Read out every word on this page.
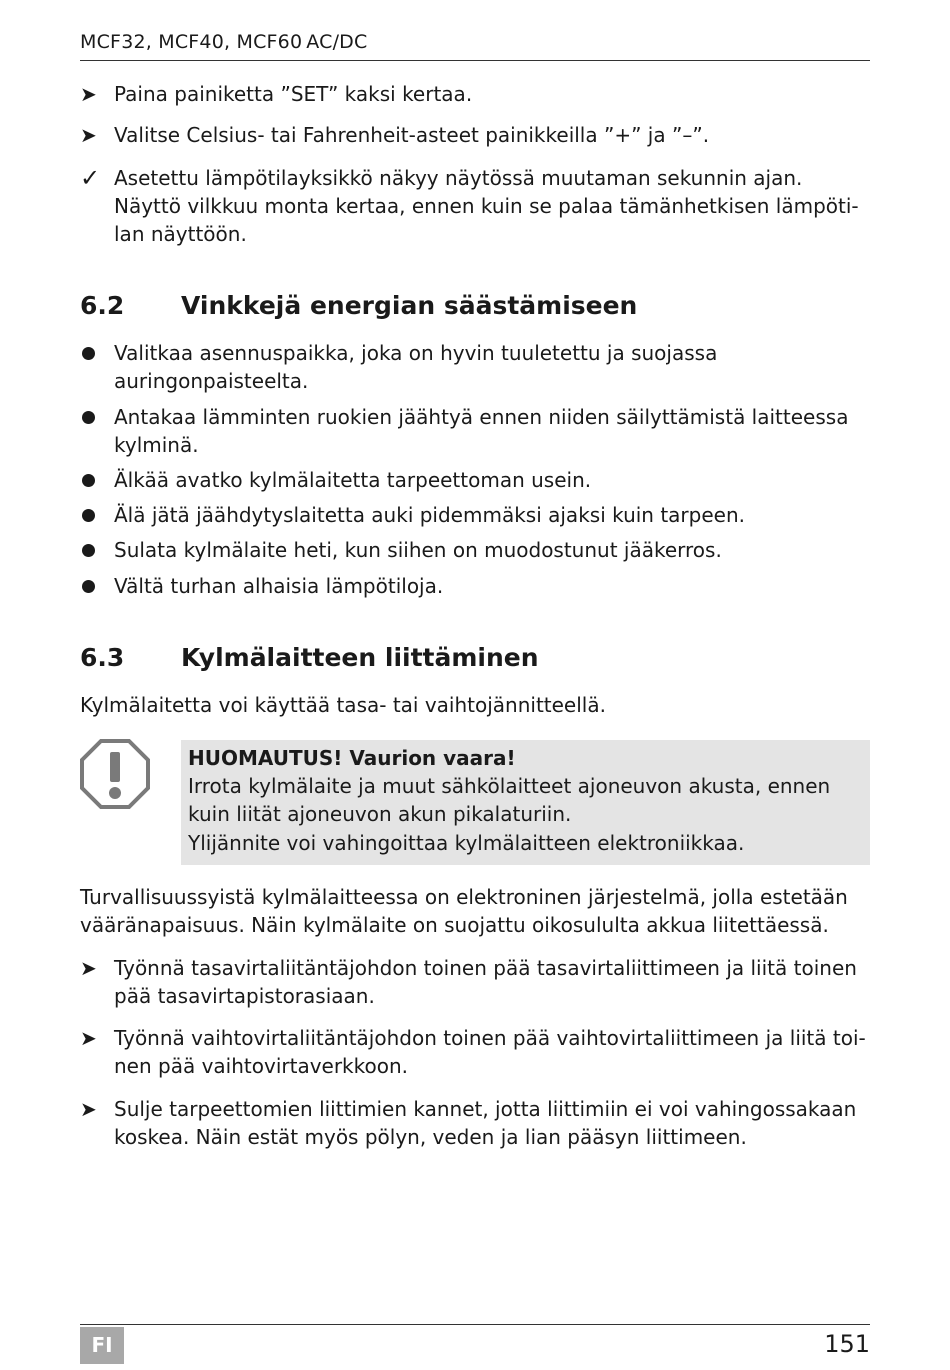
MCF32, MCF40, MCF60 AC/DC
➤ Paina painiketta ”SET” kaksi kertaa.
➤ Valitse Celsius- tai Fahrenheit-asteet painikkeilla ”+” ja ”–”.
✓ Asetettu lämpötilayksikkö näkyy näytössä muutaman sekunnin ajan.
Näyttö vilkkuu monta kertaa, ennen kuin se palaa tämänhetkisen lämpöti-
lan näyttöön.
6.2 Vinkkejä energian säästämiseen
Valitkaa asennuspaikka, joka on hyvin tuuletettu ja suojassa
auringonpaisteelta.
Antakaa lämminten ruokien jäähtyä ennen niiden säilyttämistä laitteessa
kylminä.
Älkää avatko kylmälaitetta tarpeettoman usein.
Älä jätä jäähdytyslaitetta auki pidemmäksi ajaksi kuin tarpeen.
Sulata kylmälaite heti, kun siihen on muodostunut jääkerros.
Vältä turhan alhaisia lämpötiloja.
6.3 Kylmälaitteen liittäminen
Kylmälaitetta voi käyttää tasa- tai vaihtojännitteellä.
HUOMAUTUS! Vaurion vaara!
Irrota kylmälaite ja muut sähkölaitteet ajoneuvon akusta, ennen
kuin liität ajoneuvon akun pikalaturiin.
Ylijännite voi vahingoittaa kylmälaitteen elektroniikkaa.
Turvallisuussyistä kylmälaitteessa on elektroninen järjestelmä, jolla estetään
vääränapaisuus. Näin kylmälaite on suojattu oikosululta akkua liitettäessä.
➤ Työnnä tasavirtaliitäntäjohdon toinen pää tasavirtaliittimeen ja liitä toinen
pää tasavirtapistorasiaan.
➤ Työnnä vaihtovirtaliitäntäjohdon toinen pää vaihtovirtaliittimeen ja liitä toi-
nen pää vaihtovirtaverkkoon.
➤ Sulje tarpeettomien liittimien kannet, jotta liittimiin ei voi vahingossakaan
koskea. Näin estät myös pölyn, veden ja lian pääsyn liittimeen.
FI	151
